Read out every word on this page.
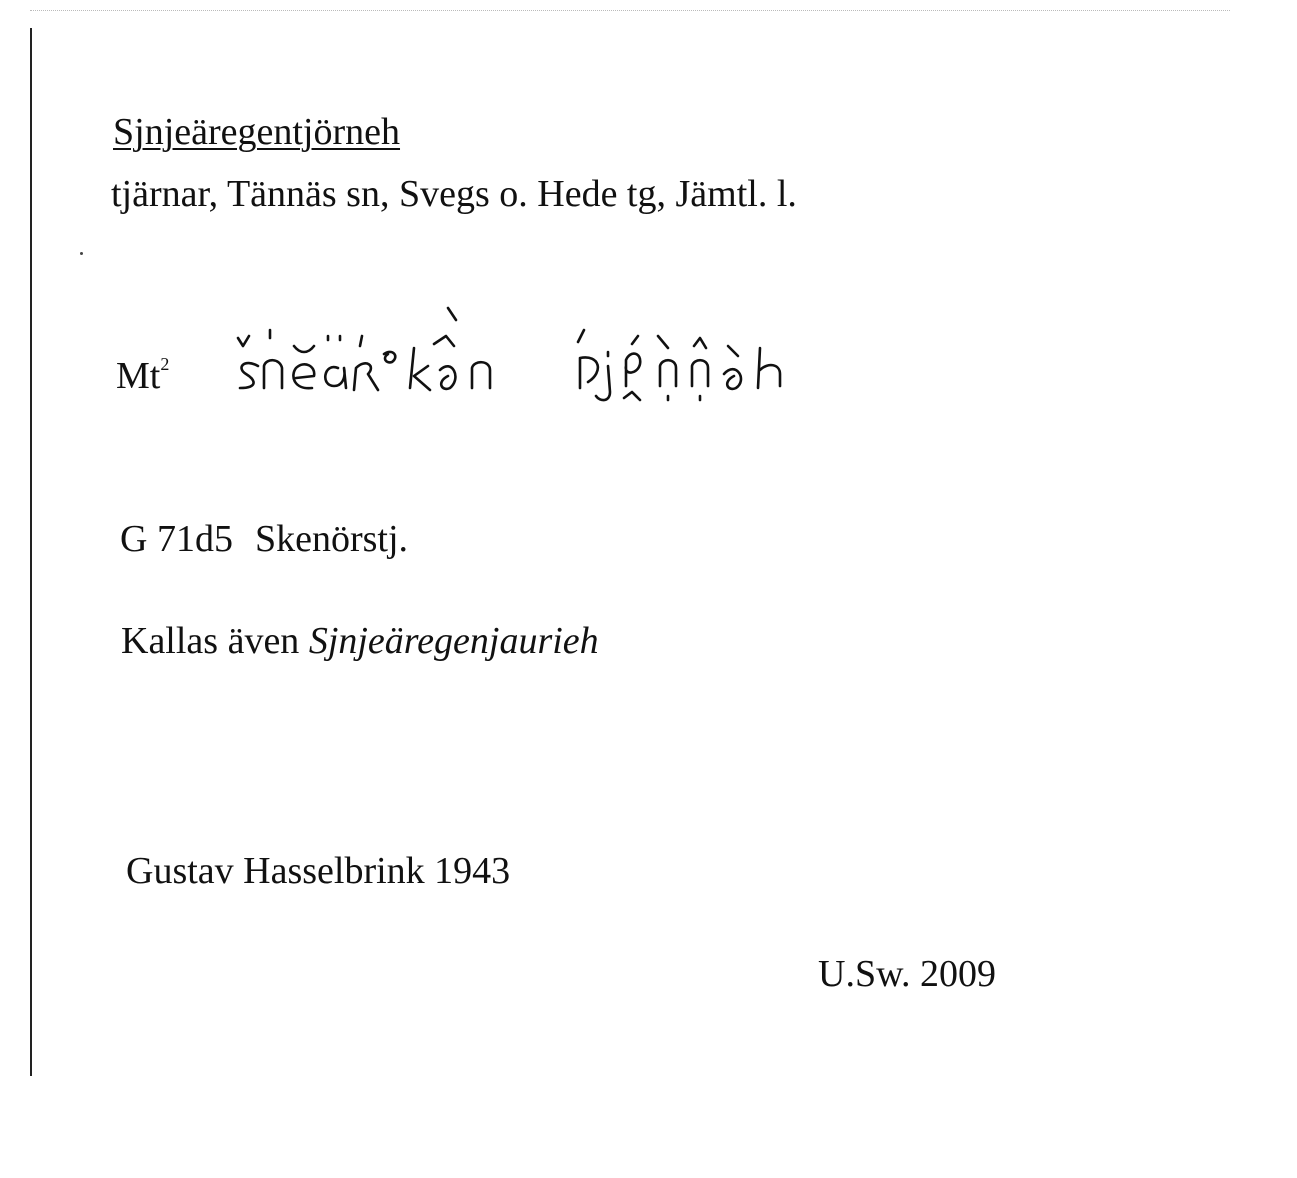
Sjnjeäregentjörneh
tjärnar, Tännäs sn, Svegs o. Hede tg, Jämtl. l.
Mt$^2$
G 71d5 Skenörstj.
Kallas även Sjnjeäregenjaurieh
Gustav Hasselbrink 1943
U.Sw. 2009
